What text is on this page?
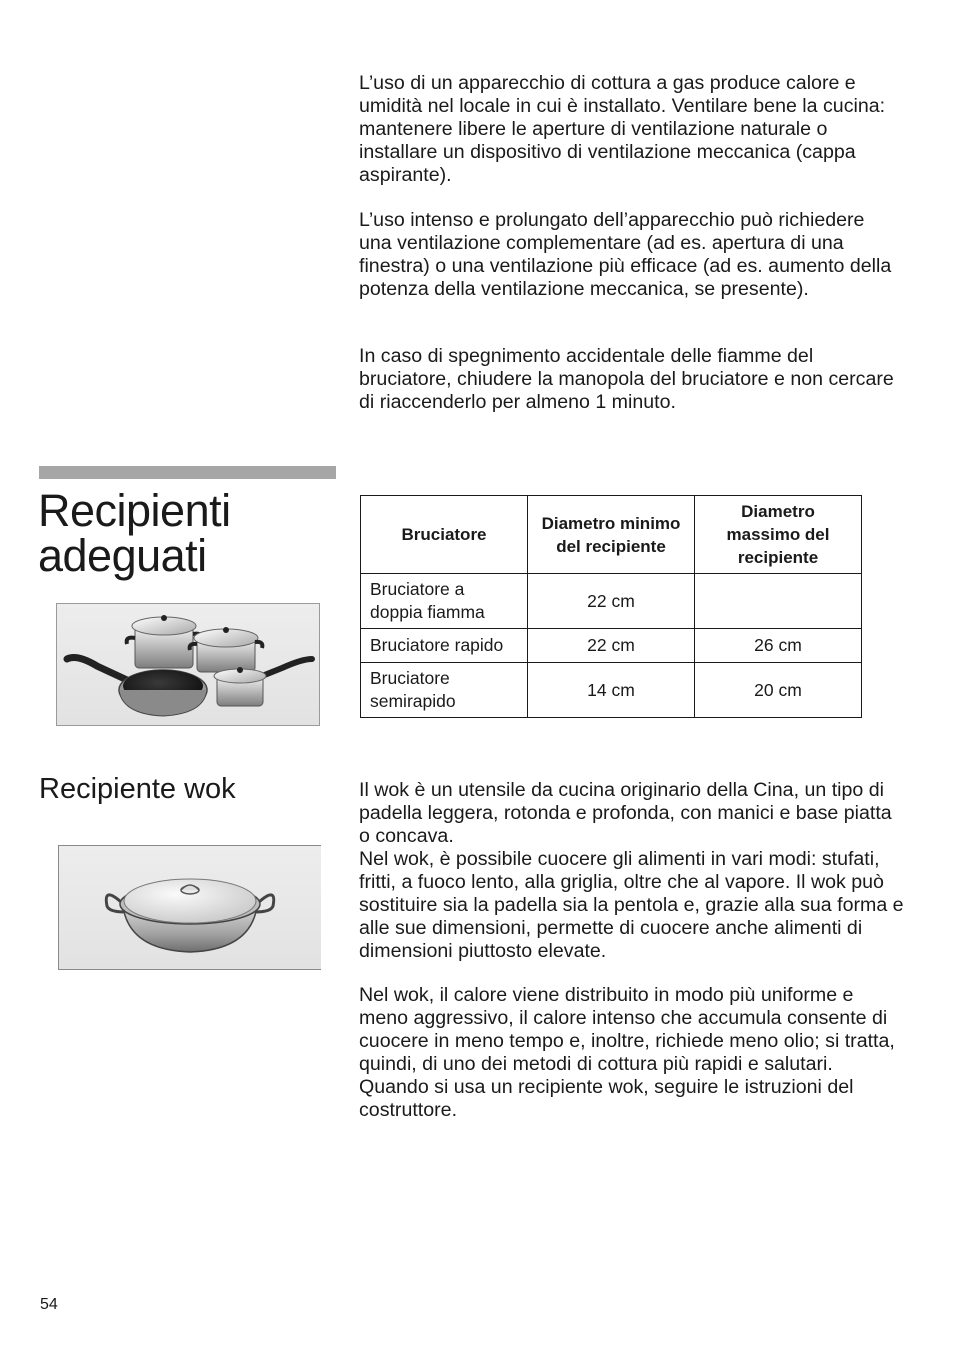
L’uso di un apparecchio di cottura a gas produce calore e umidità nel locale in cui è installato. Ventilare bene la cucina: mantenere libere le aperture di ventilazione naturale o installare un dispositivo di ventilazione meccanica (cappa aspirante).

L’uso intenso e prolungato dell’apparecchio può richiedere una ventilazione complementare (ad es. apertura di una finestra) o una ventilazione più efficace (ad es. aumento della potenza della ventilazione meccanica, se presente).

In caso di spegnimento accidentale delle fiamme del bruciatore, chiudere la manopola del bruciatore e non cercare di riaccenderlo per almeno 1 minuto.

Recipienti
adeguati	Bruciatore	Diametro minimo del recipiente	Diametro massimo del recipiente
Bruciatore a doppia fiamma	22 cm	
Bruciatore rapido	22 cm	26 cm
Bruciatore semirapido	14 cm	20 cm
Recipiente wok	Il wok è un utensile da cucina originario della Cina, un tipo di padella leggera, rotonda e profonda, con manici e base piatta o concava.

Nel wok, è possibile cuocere gli alimenti in vari modi: stufati, fritti, a fuoco lento, alla griglia, oltre che al vapore. Il wok può sostituire sia la padella sia la pentola e, grazie alla sua forma e alle sue dimensioni, permette di cuocere anche alimenti di dimensioni piuttosto elevate.

Nel wok, il calore viene distribuito in modo più uniforme e meno aggressivo, il calore intenso che accumula consente di cuocere in meno tempo e, inoltre, richiede meno olio; si tratta, quindi, di uno dei metodi di cottura più rapidi e salutari. Quando si usa un recipiente wok, seguire le istruzioni del costruttore.

54
